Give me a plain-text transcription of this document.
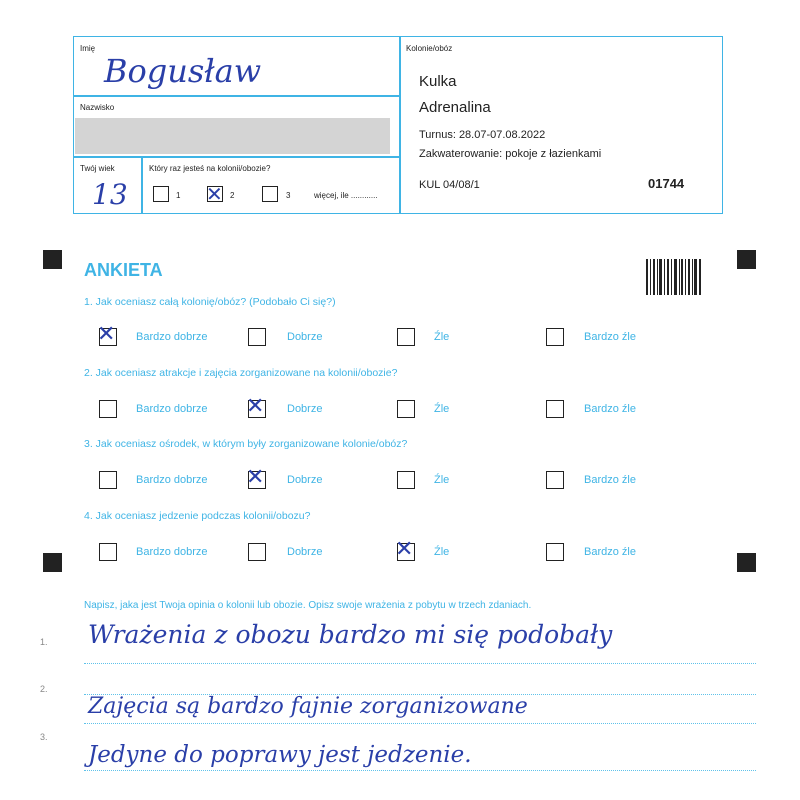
Imię
Bogusław
Nazwisko
Twój wiek
13
Który raz jesteś na kolonii/obozie?
1 ✕ 2	3	więcej, ile ............
Kolonie/obóz
Kulka
Adrenalina
Turnus: 28.07-07.08.2022
Zakwaterowanie: pokoje z łazienkami
KUL 04/08/1	01744
ANKIETA
1. Jak oceniasz całą kolonię/obóz? (Podobało Ci się?)
✕ Bardzo dobrze	Dobrze	Źle	Bardzo źle
2. Jak oceniasz atrakcje i zajęcia zorganizowane na kolonii/obozie?
Bardzo dobrze ✕ Dobrze	Źle	Bardzo źle
3. Jak oceniasz ośrodek, w którym były zorganizowane kolonie/obóz?
Bardzo dobrze ✕ Dobrze	Źle	Bardzo źle
4. Jak oceniasz jedzenie podczas kolonii/obozu?
Bardzo dobrze	Dobrze	✕ Źle	Bardzo źle
Napisz, jaka jest Twoja opinia o kolonii lub obozie. Opisz swoje wrażenia z pobytu w trzech zdaniach.
1. Wrażenia z obozu bardzo mi się podobały
2.
Zajęcia są bardzo fajnie zorganizowane
3.
Jedyne do poprawy jest jedzenie.
